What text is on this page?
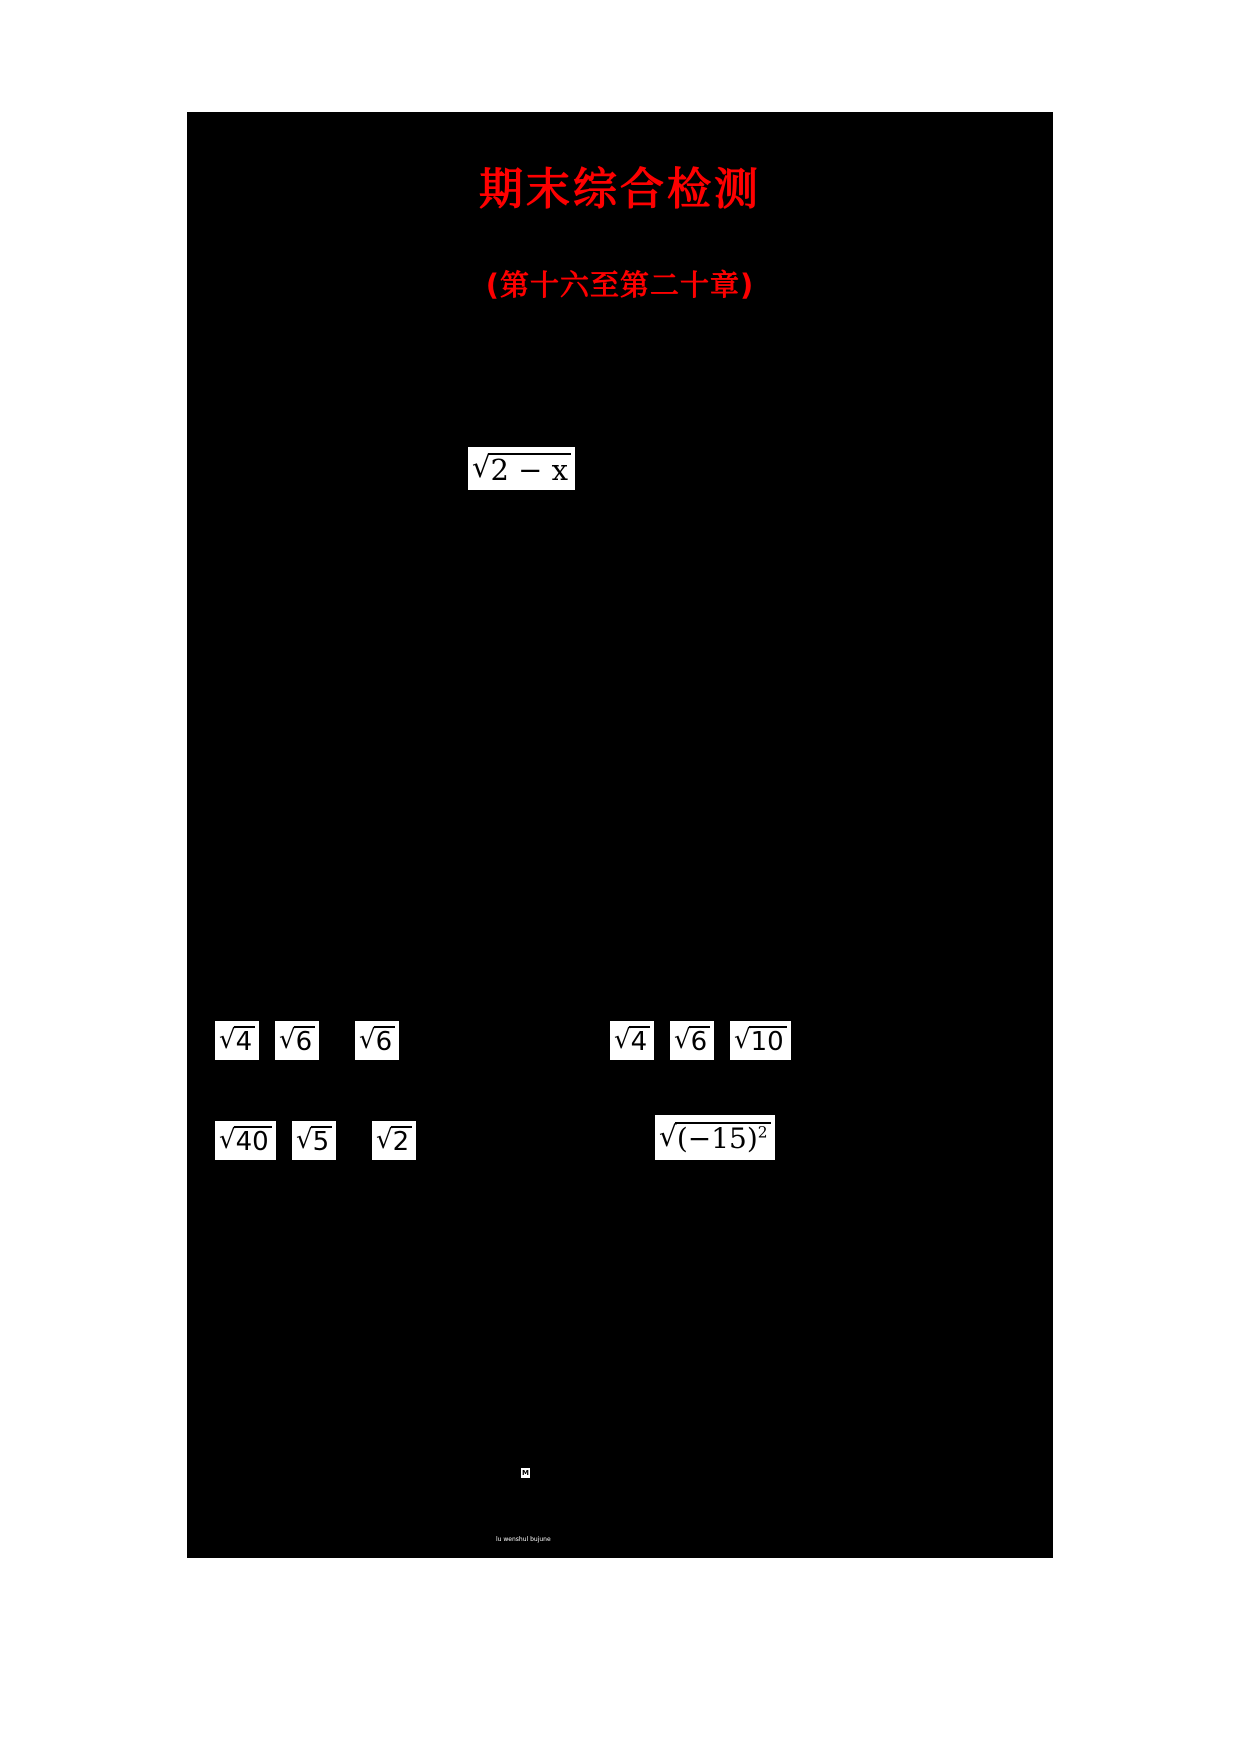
期末综合检测
(第十六至第二十章)
√ 2 − x
√ 4 √ 6 √ 6	√ 4 √ 6 √ 10
√ 40 √ 5 √ 2	√ $(-15)^2$
M
lu wenshul bujune
